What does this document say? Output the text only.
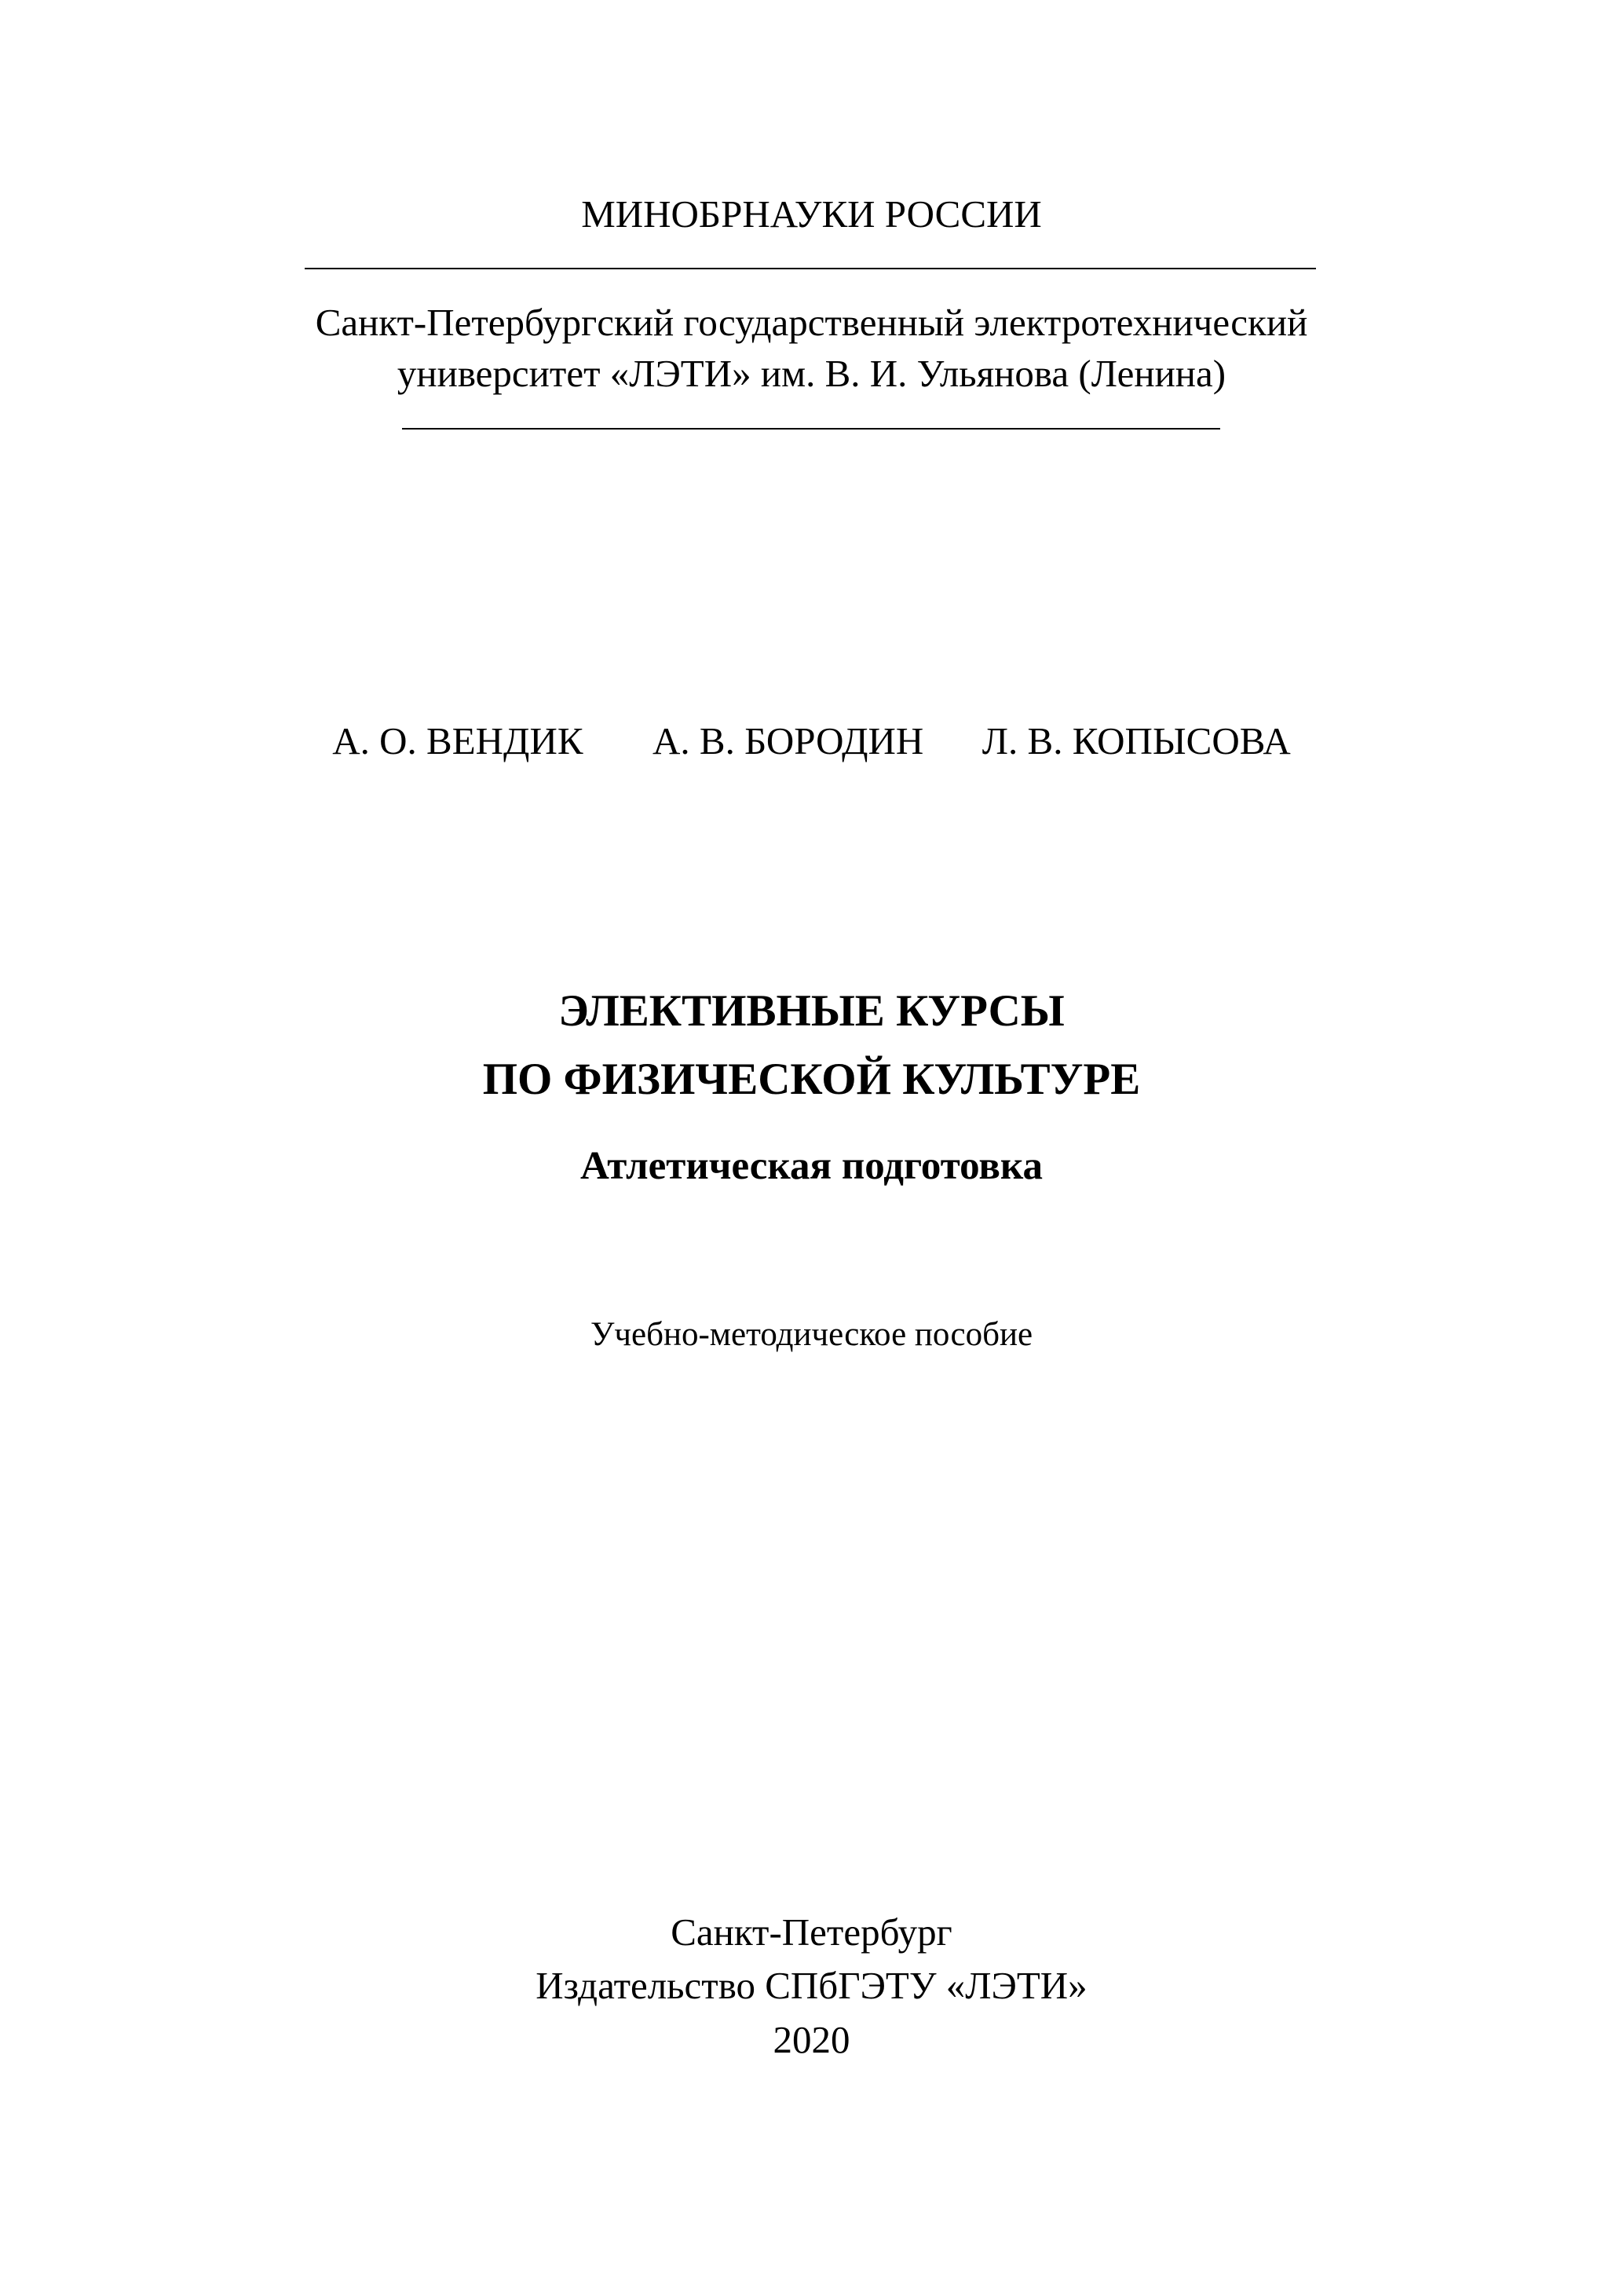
МИНОБРНАУКИ РОССИИ
Санкт-Петербургский государственный электротехнический
университет «ЛЭТИ» им. В. И. Ульянова (Ленина)
А. О. ВЕНДИК А. В. БОРОДИН Л. В. КОПЫСОВА
ЭЛЕКТИВНЫЕ КУРСЫ
ПО ФИЗИЧЕСКОЙ КУЛЬТУРЕ
Атлетическая подготовка
Учебно-методическое пособие
Санкт-Петербург
Издательство СПбГЭТУ «ЛЭТИ»
2020
